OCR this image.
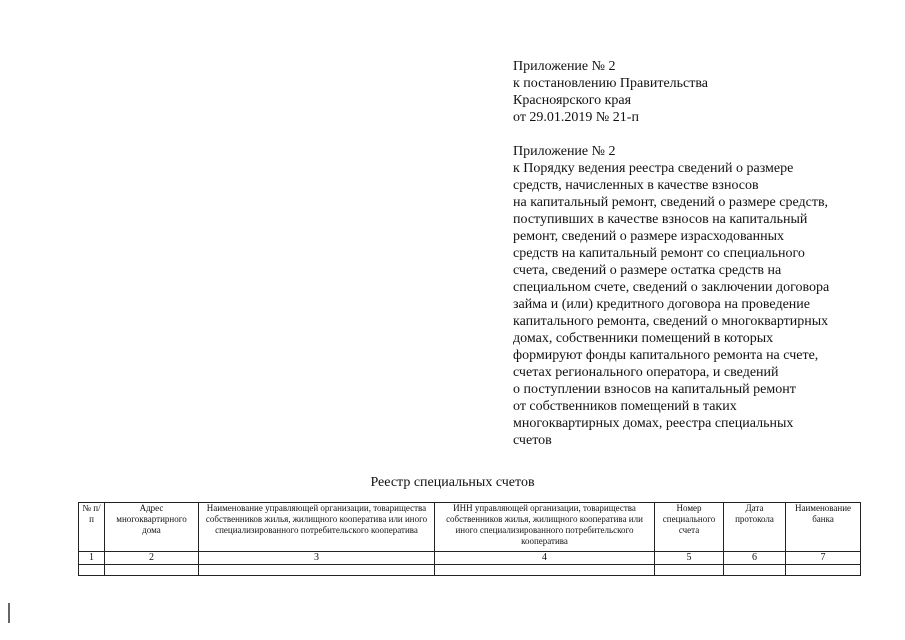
Приложение № 2
к постановлению Правительства
Красноярского края
от 29.01.2019 № 21-п
Приложение № 2
к Порядку ведения реестра сведений о размере
средств, начисленных в качестве взносов
на капитальный ремонт, сведений о размере средств,
поступивших в качестве взносов на капитальный
ремонт, сведений о размере израсходованных
средств на капитальный ремонт со специального
счета, сведений о размере остатка средств на
специальном счете, сведений о заключении договора
займа и (или) кредитного договора на проведение
капитального ремонта, сведений о многоквартирных
домах, собственники помещений в которых
формируют фонды капитального ремонта на счете,
счетах регионального оператора, и сведений
о поступлении взносов на капитальный ремонт
от собственников помещений в таких
многоквартирных домах, реестра специальных
счетов
Реестр специальных счетов
№ п/п	Адрес многоквартирного дома	Наименование управляющей организации, товарищества собственников жилья, жилищного кооператива или иного специализированного потребительского кооператива	ИНН управляющей организации, товарищества собственников жилья, жилищного кооператива или иного специализированного потребительского кооператива	Номер специального счета	Дата протокола	Наименование банка
1	2	3	4	5	6	7
